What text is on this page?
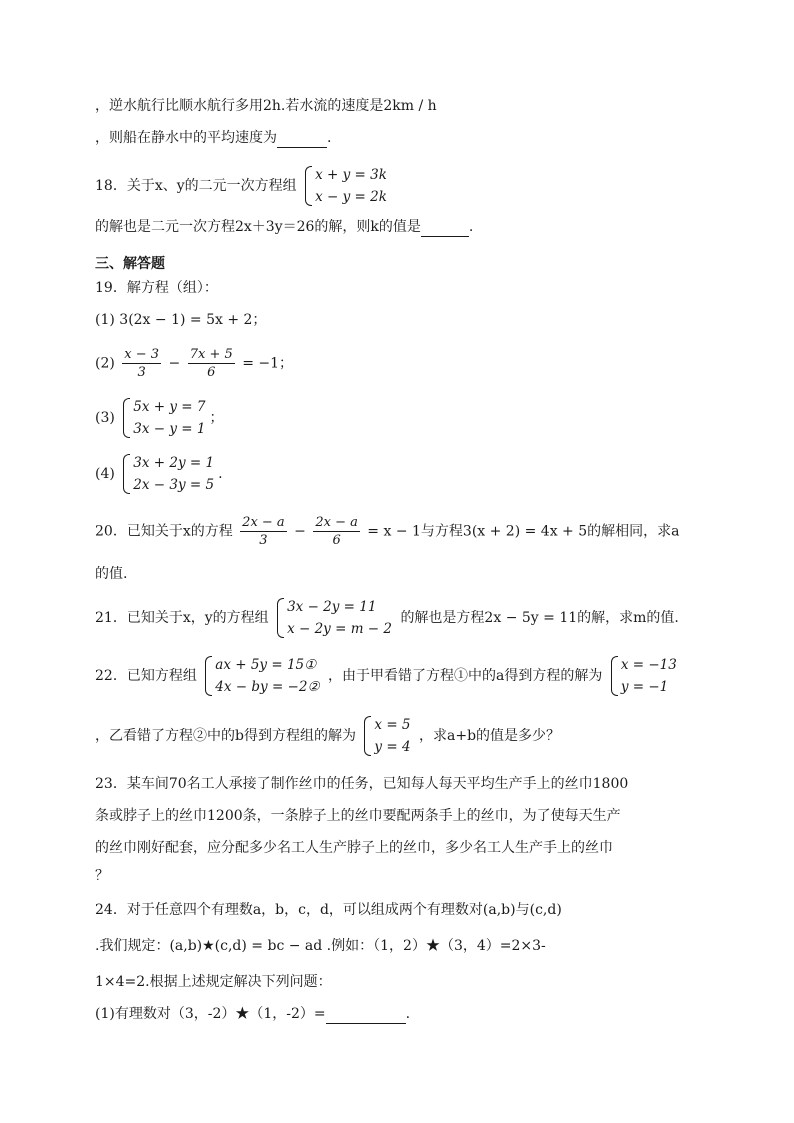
，逆水航行比顺水航行多用2h.若水流的速度是2km / h
，则船在静水中的平均速度为	.
18．关于x、y的二元一次方程组
x + y = 3k
x − y = 2k
的解也是二元一次方程2x＋3y＝26的解，则k的值是	.
三、解答题
19．解方程（组）：
(1) 3(2x − 1) = 5x + 2；
$(2) \frac{x - 3}{3} - \frac{7x + 5}{6} = -1$；
(3)
5x + y = 7
3x − y = 1
；
(4)
3x + 2y = 1
2x − 3y = 5
.
20．已知关于x的方程 $\frac{2x - a}{3} - \frac{2x - a}{6} = x - 1$与方程3(x + 2) = 4x + 5的解相同，求a
的值.
21．已知关于x，y的方程组
3x − 2y = 11
x − 2y = m − 2
的解也是方程2x − 5y = 11的解，求m的值.
22．已知方程组
ax + 5y = 15①
4x − by = −2②
，由于甲看错了方程①中的a得到方程的解为
x = −13
y = −1
，乙看错了方程②中的b得到方程组的解为
x = 5
y = 4
，求a+b的值是多少？
23．某车间70名工人承接了制作丝巾的任务，已知每人每天平均生产手上的丝巾1800
条或脖子上的丝巾1200条，一条脖子上的丝巾要配两条手上的丝巾，为了使每天生产
的丝巾刚好配套，应分配多少名工人生产脖子上的丝巾，多少名工人生产手上的丝巾
？
24．对于任意四个有理数a，b，c，d，可以组成两个有理数对(a,b)与(c,d)
.我们规定：(a,b)★(c,d) = bc − ad .例如：（1，2）★（3，4）=2×3-
1×4=2.根据上述规定解决下列问题：
(1)有理数对（3，-2）★（1，-2）=	.
